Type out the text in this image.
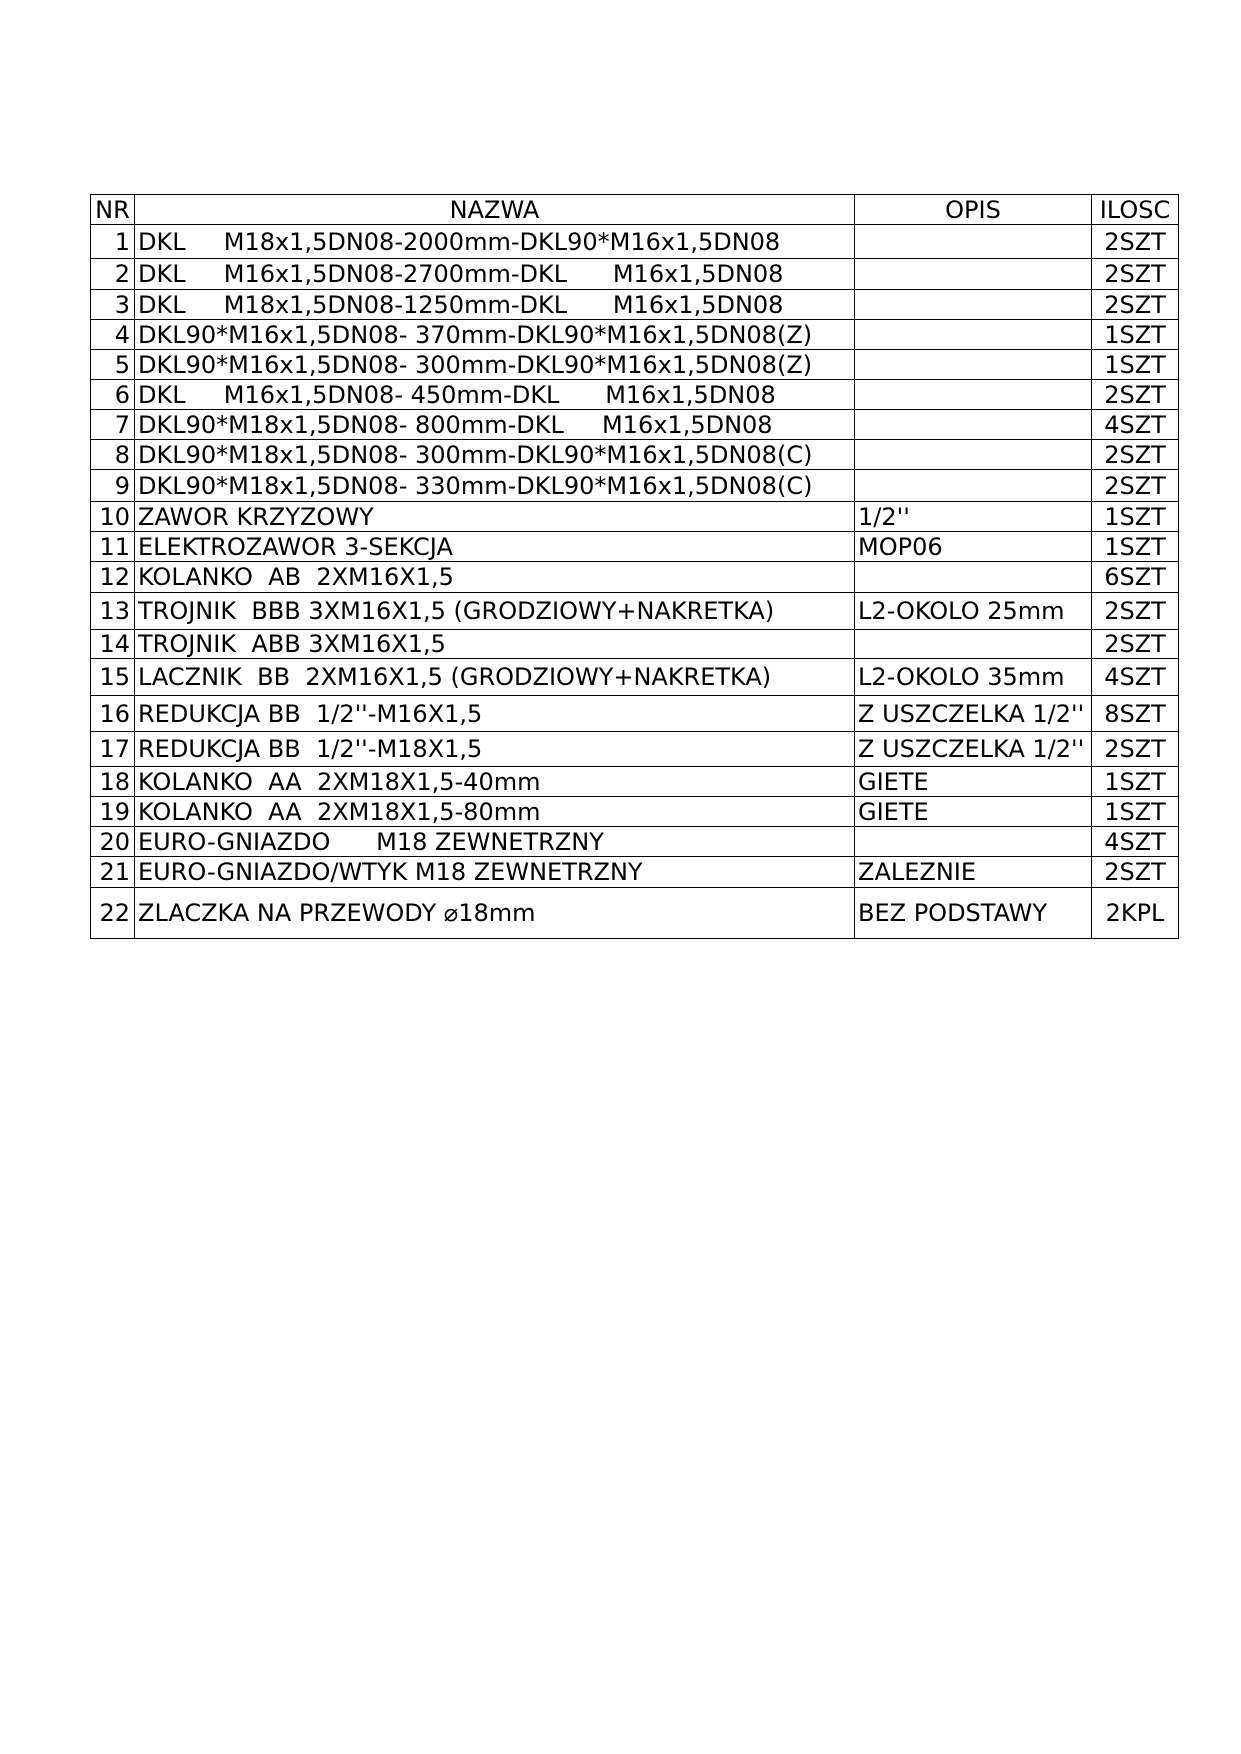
NR	NAZWA	OPIS	ILOSC
1	DKL     M18x1,5DN08-2000mm-DKL90*M16x1,5DN08		2SZT
2	DKL     M16x1,5DN08-2700mm-DKL      M16x1,5DN08		2SZT
3	DKL     M18x1,5DN08-1250mm-DKL      M16x1,5DN08		2SZT
4	DKL90*M16x1,5DN08- 370mm-DKL90*M16x1,5DN08(Z)		1SZT
5	DKL90*M16x1,5DN08- 300mm-DKL90*M16x1,5DN08(Z)		1SZT
6	DKL     M16x1,5DN08- 450mm-DKL      M16x1,5DN08		2SZT
7	DKL90*M18x1,5DN08- 800mm-DKL     M16x1,5DN08		4SZT
8	DKL90*M18x1,5DN08- 300mm-DKL90*M16x1,5DN08(C)		2SZT
9	DKL90*M18x1,5DN08- 330mm-DKL90*M16x1,5DN08(C)		2SZT
10	ZAWOR KRZYZOWY	1/2''	1SZT
11	ELEKTROZAWOR 3-SEKCJA	MOP06	1SZT
12	KOLANKO  AB  2XM16X1,5		6SZT
13	TROJNIK  BBB 3XM16X1,5 (GRODZIOWY+NAKRETKA)	L2-OKOLO 25mm	2SZT
14	TROJNIK  ABB 3XM16X1,5		2SZT
15	LACZNIK  BB  2XM16X1,5 (GRODZIOWY+NAKRETKA)	L2-OKOLO 35mm	4SZT
16	REDUKCJA BB  1/2''-M16X1,5	Z USZCZELKA 1/2''	8SZT
17	REDUKCJA BB  1/2''-M18X1,5	Z USZCZELKA 1/2''	2SZT
18	KOLANKO  AA  2XM18X1,5-40mm	GIETE	1SZT
19	KOLANKO  AA  2XM18X1,5-80mm	GIETE	1SZT
20	EURO-GNIAZDO      M18 ZEWNETRZNY		4SZT
21	EURO-GNIAZDO/WTYK M18 ZEWNETRZNY	ZALEZNIE	2SZT
22	ZLACZKA NA PRZEWODY ⌀18mm	BEZ PODSTAWY	2KPL
